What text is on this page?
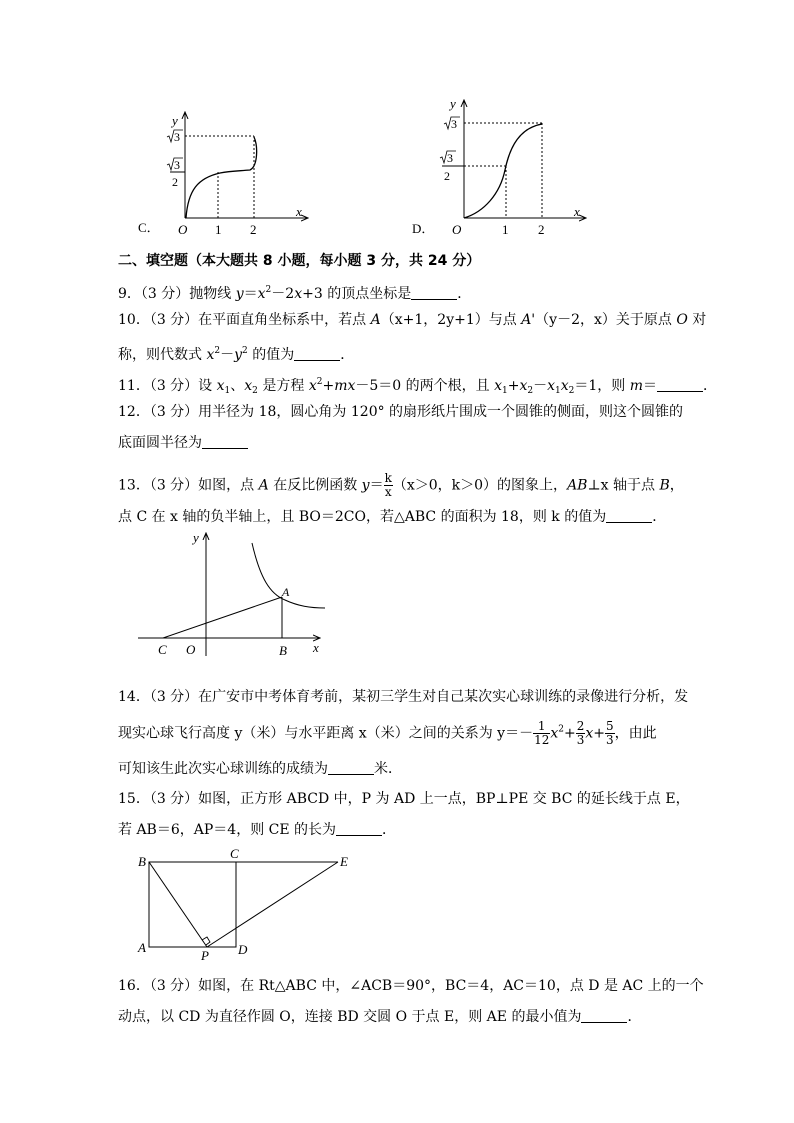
y
x
O 1 2
C．
3
3
2
y
x
O	1 2
D．
3
3
2
二、填空题（本大题共 8 小题，每小题 3 分，共 24 分）
9．（3 分）抛物线 $y=x^2-2x+3$ 的顶点坐标是	．
10．（3 分）在平面直角坐标系中，若点 A（x+1，2y+1）与点 A'（y－2，x）关于原点 O 对
称，则代数式 $x^2-y^2$ 的值为	．
11．（3 分）设 $x_1$、$x_2$ 是方程 $x^2+mx-5=0$ 的两个根，且 $x_1+x_2-x_1x_2=1$，则 m＝	．
12．（3 分）用半径为 18，圆心角为 120° 的扇形纸片围成一个圆锥的侧面，则这个圆锥的
底面圆半径为
13．（3 分）如图，点 A 在反比例函数 $y= \frac{k}{x} (x>0$，k＞0）的图象上，AB⊥x 轴于点 B，
点 C 在 x 轴的负半轴上，且 BO＝2CO，若△ABC 的面积为 18，则 k 的值为	．
y
x
A
B
C O
14．（3 分）在广安市中考体育考前，某初三学生对自己某次实心球训练的录像进行分析，发
现实心球飞行高度 y（米）与水平距离 x（米）之间的关系为 $y=- \frac{1}{12} x^2+ \frac{2}{3} x+ \frac{5}{3}$ ，由此
可知该生此次实心球训练的成绩为	米．
15．（3 分）如图，正方形 ABCD 中，P 为 AD 上一点，BP⊥PE 交 BC 的延长线于点 E，
若 AB＝6，AP＝4，则 CE 的长为	．
B
C
E
A	D
P
16．（3 分）如图，在 Rt△ABC 中，∠ACB＝90°，BC＝4，AC＝10，点 D 是 AC 上的一个
动点，以 CD 为直径作圆 O，连接 BD 交圆 O 于点 E，则 AE 的最小值为	．
